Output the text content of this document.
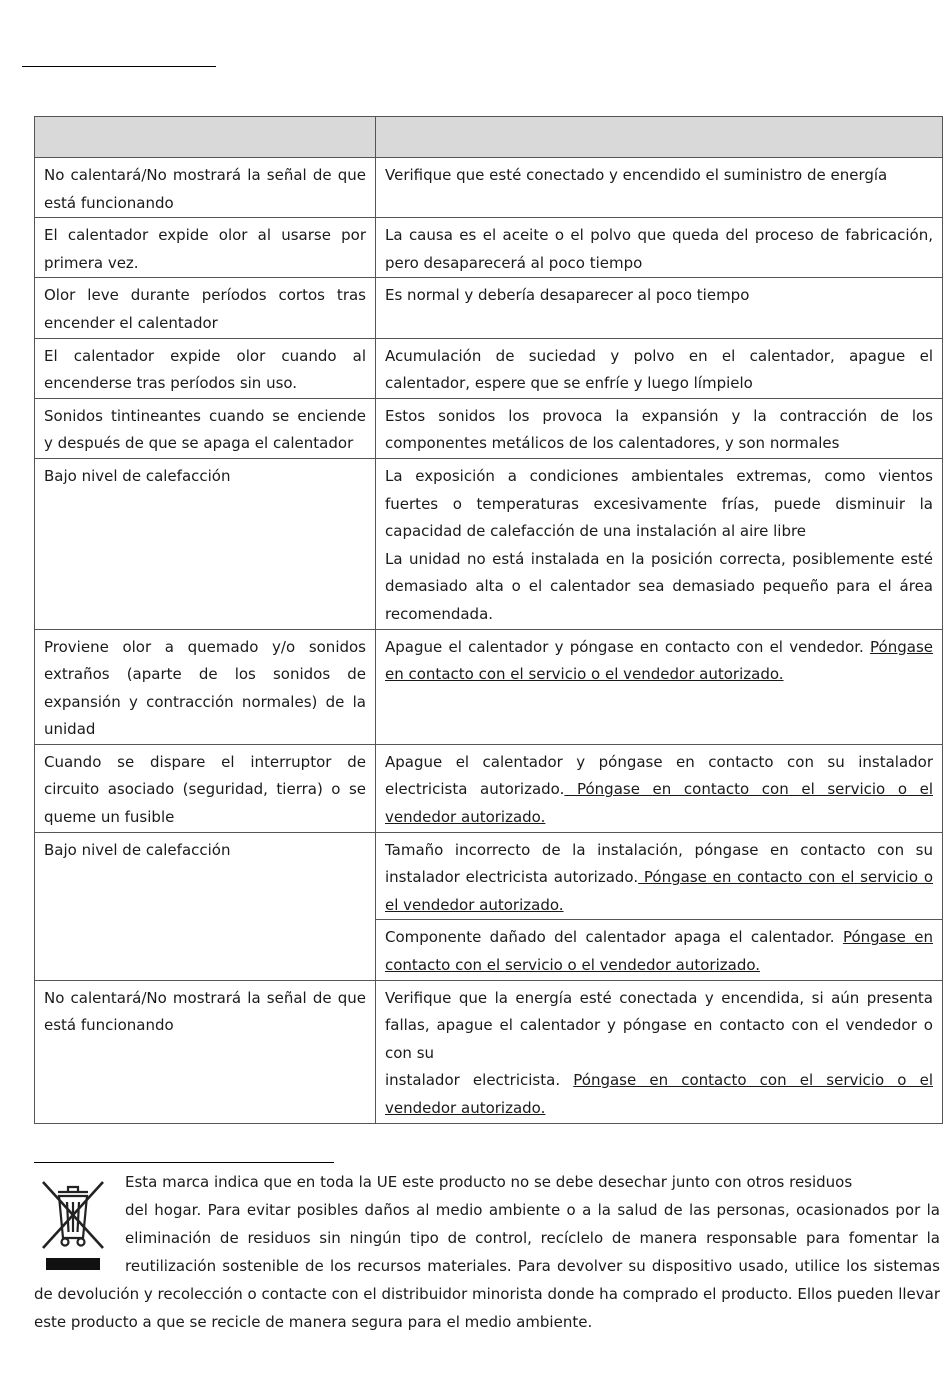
No calentará/No mostrará la señal de que está funcionando	Verifique que esté conectado y encendido el suministro de energía
El calentador expide olor al usarse por primera vez.	La causa es el aceite o el polvo que queda del proceso de fabricación, pero desaparecerá al poco tiempo
Olor leve durante períodos cortos tras encender el calentador	Es normal y debería desaparecer al poco tiempo
El calentador expide olor cuando al encenderse tras períodos sin uso.	Acumulación de suciedad y polvo en el calentador, apague el calentador, espere que se enfríe y luego límpielo
Sonidos tintineantes cuando se enciende y después de que se apaga el calentador	Estos sonidos los provoca la expansión y la contracción de los componentes metálicos de los calentadores, y son normales
Bajo nivel de calefacción	La exposición a condiciones ambientales extremas, como vientos fuertes o temperaturas excesivamente frías, puede disminuir la capacidad de calefacción de una instalación al aire libre
La unidad no está instalada en la posición correcta, posiblemente esté demasiado alta o el calentador sea demasiado pequeño para el área recomendada.

Proviene olor a quemado y/o sonidos extraños (aparte de los sonidos de expansión y contracción normales) de la unidad	Apague el calentador y póngase en contacto con el vendedor. Póngase en contacto con el servicio o el vendedor autorizado.
Cuando se dispare el interruptor de circuito asociado (seguridad, tierra) o se queme un fusible	Apague el calentador y póngase en contacto con su instalador electricista autorizado. Póngase en contacto con el servicio o el vendedor autorizado.
Bajo nivel de calefacción	Tamaño incorrecto de la instalación, póngase en contacto con su instalador electricista autorizado. Póngase en contacto con el servicio o el vendedor autorizado.
	Componente dañado del calentador apaga el calentador. Póngase en contacto con el servicio o el vendedor autorizado.
No calentará/No mostrará la señal de que está funcionando	Verifique que la energía esté conectada y encendida, si aún presenta fallas, apague el calentador y póngase en contacto con el vendedor o con su
instalador electricista. Póngase en contacto con el servicio o el vendedor autorizado.
Esta marca indica que en toda la UE este producto no se debe desechar junto con otros residuos
del hogar. Para evitar posibles daños al medio ambiente o a la salud de las personas, ocasionados por la eliminación de residuos sin ningún tipo de control, recíclelo de manera responsable para fomentar la reutilización sostenible de los recursos materiales. Para devolver su dispositivo usado, utilice los sistemas de devolución y recolección o contacte con el distribuidor minorista donde ha comprado el producto. Ellos pueden llevar este producto a que se recicle de manera segura para el medio ambiente.
